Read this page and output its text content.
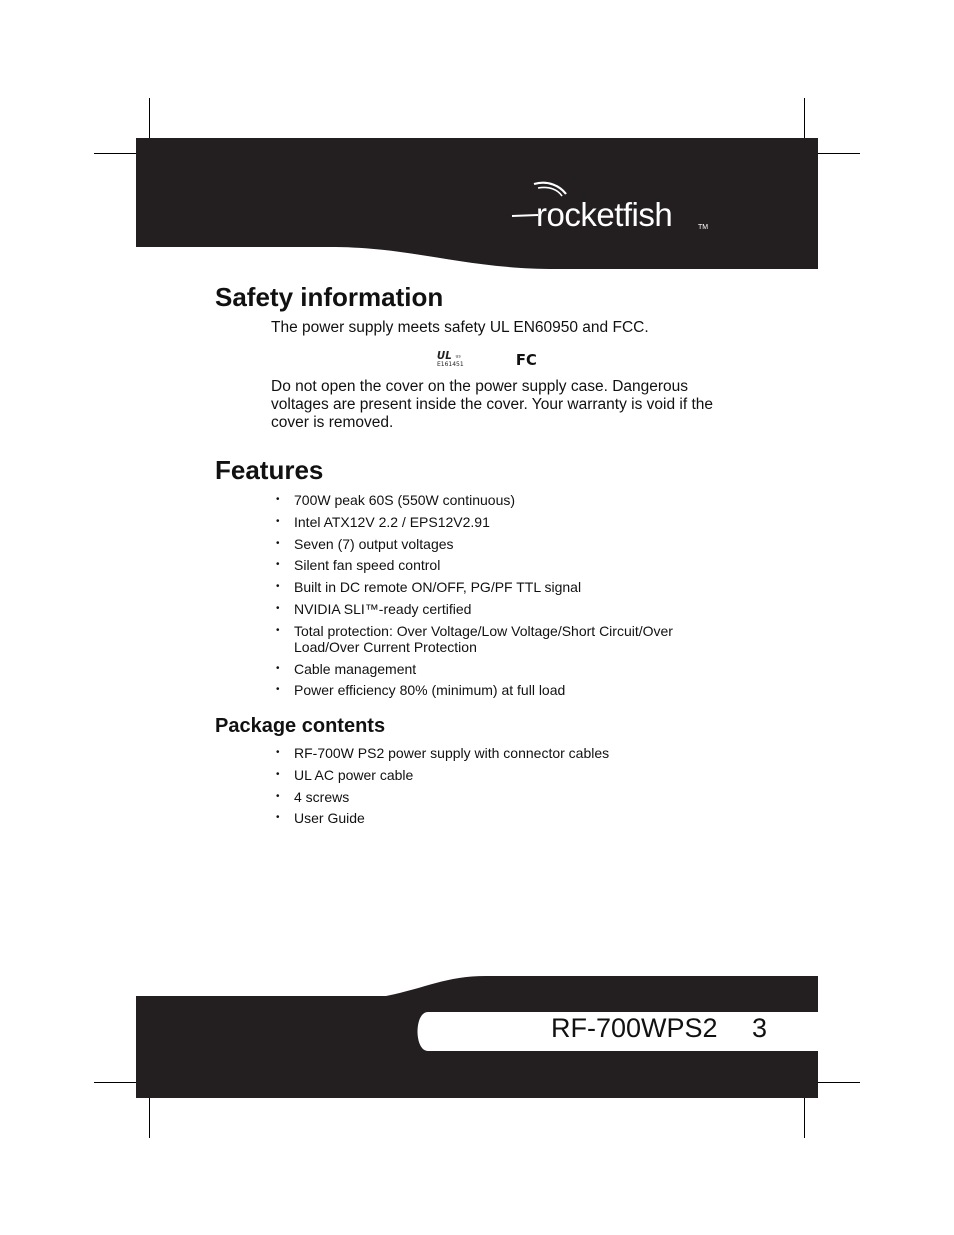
rocketfish	TM
Safety information

The power supply meets safety UL EN60950 and FCC.

UL us
E161451	FC

Do not open the cover on the power supply case. Dangerous voltages are present inside the cover. Your warranty is void if the cover is removed.

Features
• 700W peak 60S (550W continuous)
• Intel ATX12V 2.2 / EPS12V2.91
• Seven (7) output voltages
• Silent fan speed control
• Built in DC remote ON/OFF, PG/PF TTL signal
• NVIDIA SLI™-ready certified
• Total protection: Over Voltage/Low Voltage/Short Circuit/Over Load/Over Current Protection
• Cable management
• Power efficiency 80% (minimum) at full load
Package contents
• RF-700W PS2 power supply with connector cables
• UL AC power cable
• 4 screws
• User Guide
RF-700WPS2 3
